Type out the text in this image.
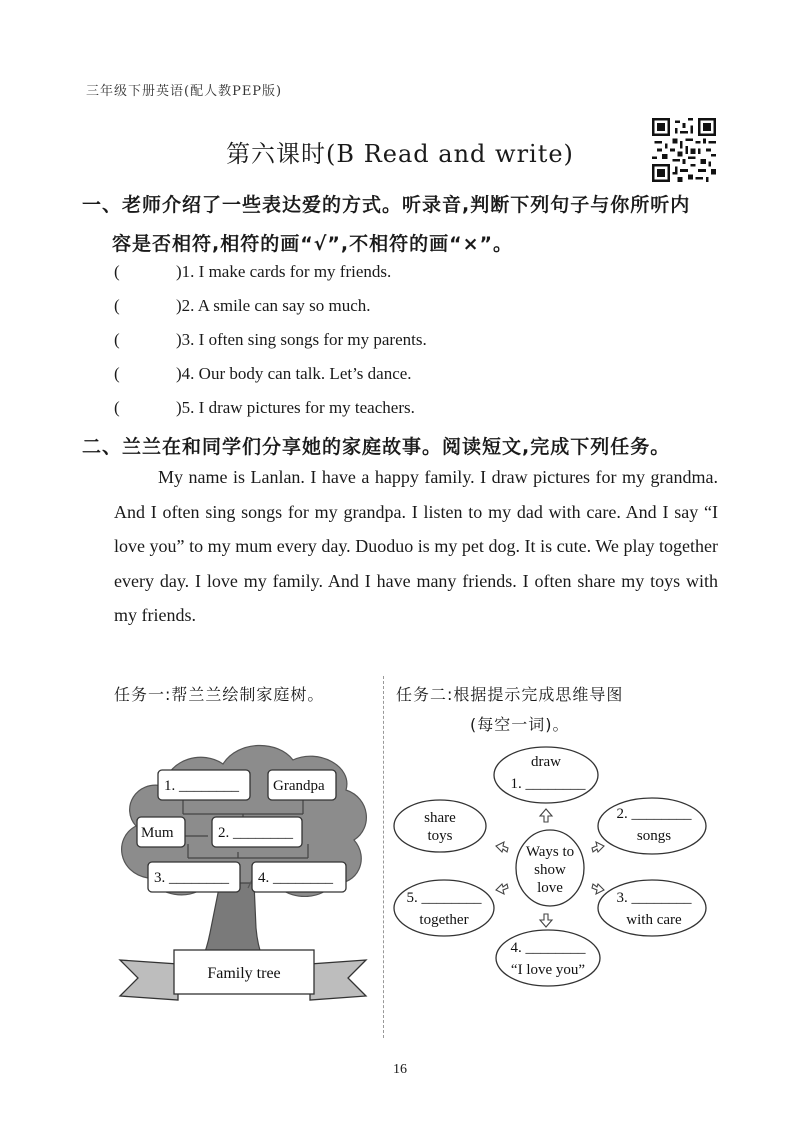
三年级下册英语(配人教PEP版)
第六课时(B Read and write)
一、老师介绍了一些表达爱的方式。听录音,判断下列句子与你所听内
容是否相符,相符的画“√”,不相符的画“×”。
(	)1. I make cards for my friends.
(	)2. A smile can say so much.
(	)3. I often sing songs for my parents.
(	)4. Our body can talk. Let’s dance.
(	)5. I draw pictures for my teachers.
二、兰兰在和同学们分享她的家庭故事。阅读短文,完成下列任务。
My name is Lanlan. I have a happy family. I draw pictures for my grandma. And I often sing songs for my grandpa. I listen to my dad with care. And I say “I love you” to my mum every day. Duoduo is my pet dog. It is cute. We play together every day. I love my family. And I have many friends. I often share my toys with my friends.
任务一:帮兰兰绘制家庭树。	任务二:根据提示完成思维导图
(每空一词)。
1. ________ Grandpa
Mum	2. ________
3. ________ 4. ________
Family tree
Ways to
show
love
draw
1. ________
2. ________
songs
3. ________
with care
4. ________
“I love you”
5. ________
together
share
toys
16
